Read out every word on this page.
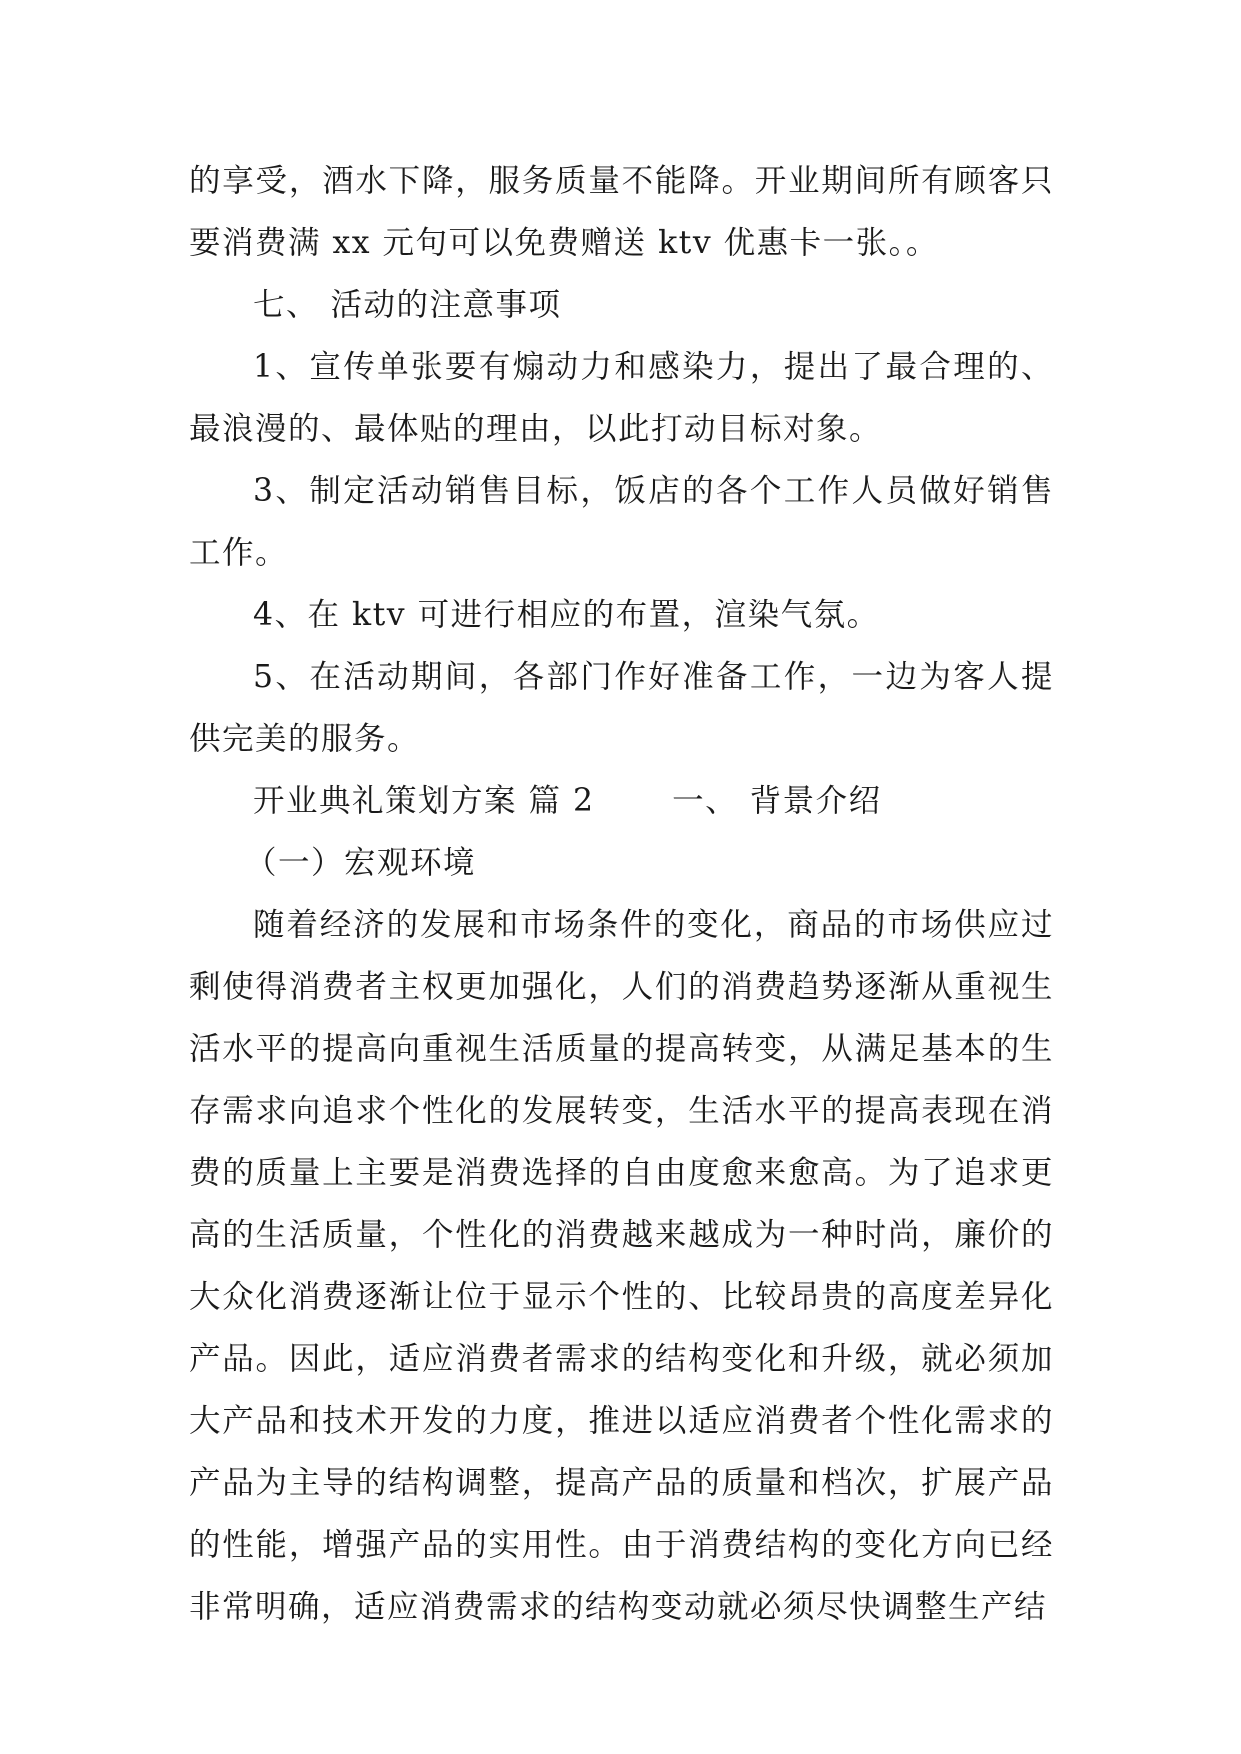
的享受，酒水下降，服务质量不能降。开业期间所有顾客只要消费满 xx 元句可以免费赠送 ktv 优惠卡一张。。

七、 活动的注意事项

1、宣传单张要有煽动力和感染力，提出了最合理的、最浪漫的、最体贴的理由，以此打动目标对象。

3、制定活动销售目标，饭店的各个工作人员做好销售工作。

4、在 ktv 可进行相应的布置，渲染气氛。

5、在活动期间，各部门作好准备工作，一边为客人提供完美的服务。

开业典礼策划方案 篇 2　　 一、 背景介绍

（一）宏观环境

随着经济的发展和市场条件的变化，商品的市场供应过剩使得消费者主权更加强化，人们的消费趋势逐渐从重视生活水平的提高向重视生活质量的提高转变，从满足基本的生存需求向追求个性化的发展转变，生活水平的提高表现在消费的质量上主要是消费选择的自由度愈来愈高。为了追求更高的生活质量，个性化的消费越来越成为一种时尚，廉价的大众化消费逐渐让位于显示个性的、比较昂贵的高度差异化产品。因此，适应消费者需求的结构变化和升级，就必须加大产品和技术开发的力度，推进以适应消费者个性化需求的产品为主导的结构调整，提高产品的质量和档次，扩展产品的性能，增强产品的实用性。由于消费结构的变化方向已经非常明确，适应消费需求的结构变动就必须尽快调整生产结
